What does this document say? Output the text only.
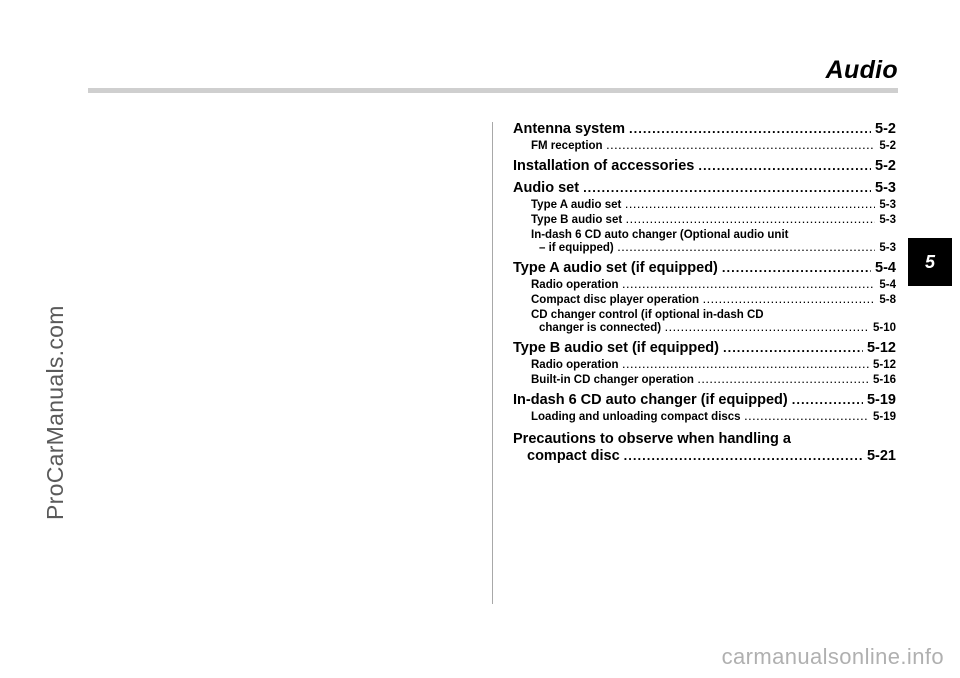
Audio
ProCarManuals.com
5
carmanualsonline.info
Antenna system .....	5-2
FM reception .....	5-2
Installation of accessories .....	5-2
Audio set .....	5-3
Type A audio set .....	5-3
Type B audio set .....	5-3
In-dash 6 CD auto changer (Optional audio unit
– if equipped) .....	5-3
Type A audio set (if equipped) .....	5-4
Radio operation .....	5-4
Compact disc player operation .....	5-8
CD changer control (if optional in-dash CD
changer is connected) .....	5-10
Type B audio set (if equipped) .....	5-12
Radio operation .....	5-12
Built-in CD changer operation .....	5-16
In-dash 6 CD auto changer (if equipped) .....	5-19
Loading and unloading compact discs .....	5-19
Precautions to observe when handling a
compact disc .....	5-21
